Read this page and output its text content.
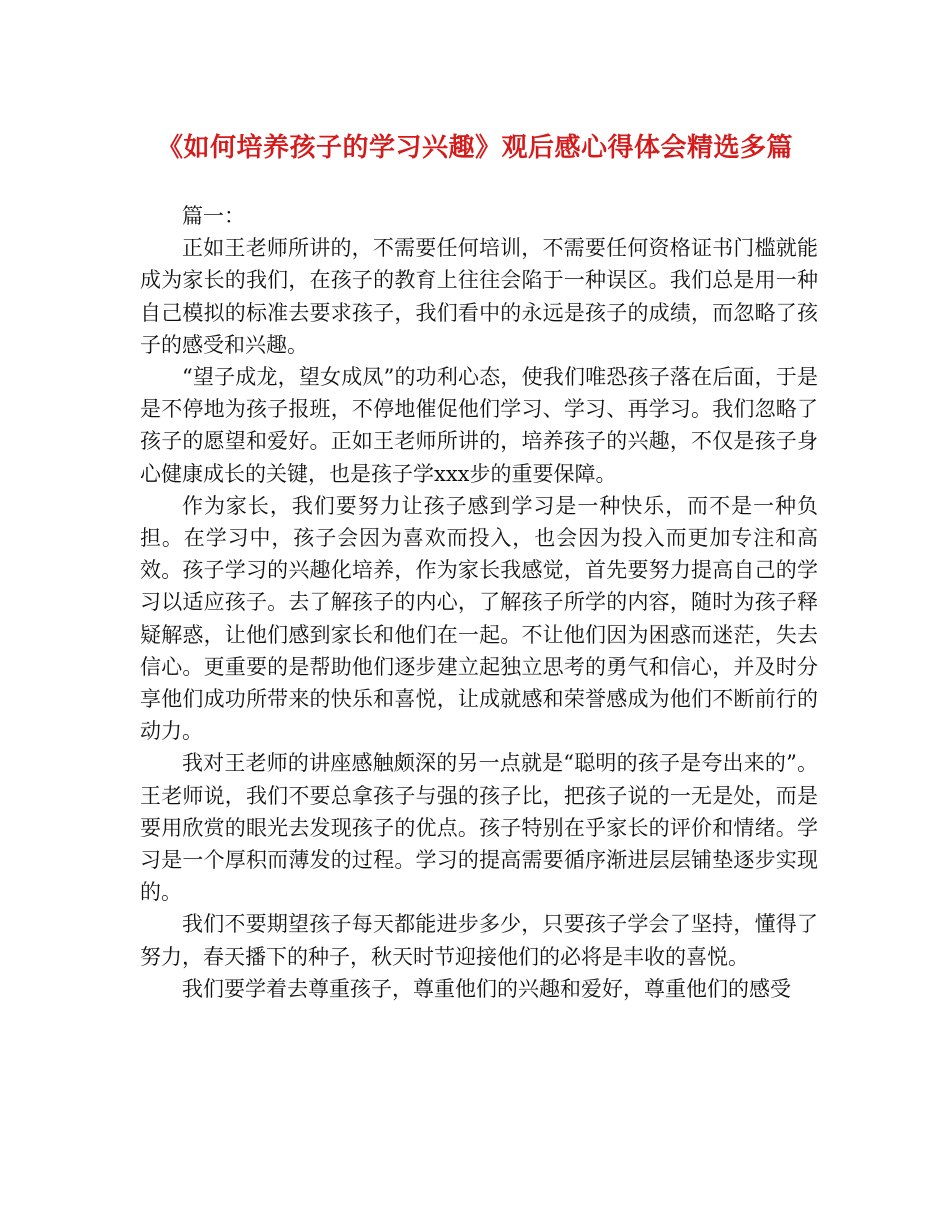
《如何培养孩子的学习兴趣》观后感心得体会精选多篇

篇一：

正如王老师所讲的，不需要任何培训，不需要任何资格证书门槛就能成为家长的我们，在孩子的教育上往往会陷于一种误区。我们总是用一种自己模拟的标准去要求孩子，我们看中的永远是孩子的成绩，而忽略了孩子的感受和兴趣。

“望子成龙，望女成凤”的功利心态，使我们唯恐孩子落在后面，于是是不停地为孩子报班，不停地催促他们学习、学习、再学习。我们忽略了孩子的愿望和爱好。正如王老师所讲的，培养孩子的兴趣，不仅是孩子身心健康成长的关键，也是孩子学xxx步的重要保障。

作为家长，我们要努力让孩子感到学习是一种快乐，而不是一种负担。在学习中，孩子会因为喜欢而投入，也会因为投入而更加专注和高效。孩子学习的兴趣化培养，作为家长我感觉，首先要努力提高自己的学习以适应孩子。去了解孩子的内心，了解孩子所学的内容，随时为孩子释疑解惑，让他们感到家长和他们在一起。不让他们因为困惑而迷茫，失去信心。更重要的是帮助他们逐步建立起独立思考的勇气和信心，并及时分享他们成功所带来的快乐和喜悦，让成就感和荣誉感成为他们不断前行的动力。

我对王老师的讲座感触颇深的另一点就是“聪明的孩子是夸出来的”。王老师说，我们不要总拿孩子与强的孩子比，把孩子说的一无是处，而是要用欣赏的眼光去发现孩子的优点。孩子特别在乎家长的评价和情绪。学习是一个厚积而薄发的过程。学习的提高需要循序渐进层层铺垫逐步实现的。

我们不要期望孩子每天都能进步多少，只要孩子学会了坚持，懂得了努力，春天播下的种子，秋天时节迎接他们的必将是丰收的喜悦。

我们要学着去尊重孩子，尊重他们的兴趣和爱好，尊重他们的感受
